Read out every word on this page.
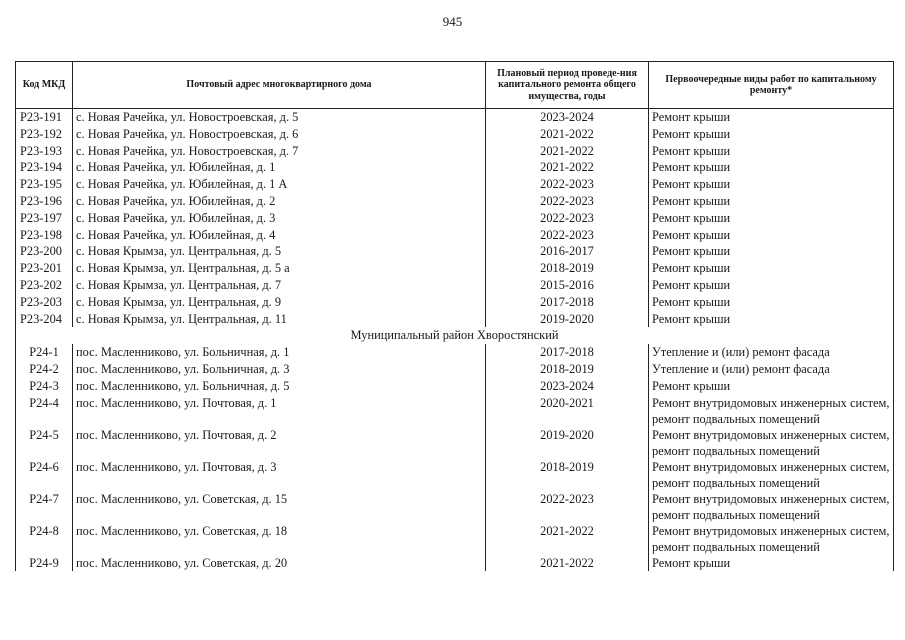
945
Код МКД	Почтовый адрес многоквартирного дома	Плановый период проведе-ния капитального ремонта общего имущества, годы	Первоочередные виды работ по капитальному ремонту*
Р23-191	с. Новая Рачейка, ул. Новостроевская, д. 5	2023-2024	Ремонт крыши
Р23-192	с. Новая Рачейка, ул. Новостроевская, д. 6	2021-2022	Ремонт крыши
Р23-193	с. Новая Рачейка, ул. Новостроевская, д. 7	2021-2022	Ремонт крыши
Р23-194	с. Новая Рачейка, ул. Юбилейная, д. 1	2021-2022	Ремонт крыши
Р23-195	с. Новая Рачейка, ул. Юбилейная, д. 1 А	2022-2023	Ремонт крыши
Р23-196	с. Новая Рачейка, ул. Юбилейная, д. 2	2022-2023	Ремонт крыши
Р23-197	с. Новая Рачейка, ул. Юбилейная, д. 3	2022-2023	Ремонт крыши
Р23-198	с. Новая Рачейка, ул. Юбилейная, д. 4	2022-2023	Ремонт крыши
Р23-200	с. Новая Крымза, ул. Центральная, д. 5	2016-2017	Ремонт крыши
Р23-201	с. Новая Крымза, ул. Центральная, д. 5 а	2018-2019	Ремонт крыши
Р23-202	с. Новая Крымза, ул. Центральная, д. 7	2015-2016	Ремонт крыши
Р23-203	с. Новая Крымза, ул. Центральная, д. 9	2017-2018	Ремонт крыши
Р23-204	с. Новая Крымза, ул. Центральная, д. 11	2019-2020	Ремонт крыши
Муниципальный район Хворостянский			
Р24-1	пос. Масленниково, ул. Больничная, д. 1	2017-2018	Утепление и (или) ремонт фасада
Р24-2	пос. Масленниково, ул. Больничная, д. 3	2018-2019	Утепление и (или) ремонт фасада
Р24-3	пос. Масленниково, ул. Больничная, д. 5	2023-2024	Ремонт крыши
Р24-4	пос. Масленниково, ул. Почтовая, д. 1	2020-2021	Ремонт внутридомовых инженерных систем, ремонт подвальных помещений
Р24-5	пос. Масленниково, ул. Почтовая, д. 2	2019-2020	Ремонт внутридомовых инженерных систем, ремонт подвальных помещений
Р24-6	пос. Масленниково, ул. Почтовая, д. 3	2018-2019	Ремонт внутридомовых инженерных систем, ремонт подвальных помещений
Р24-7	пос. Масленниково, ул. Советская, д. 15	2022-2023	Ремонт внутридомовых инженерных систем, ремонт подвальных помещений
Р24-8	пос. Масленниково, ул. Советская, д. 18	2021-2022	Ремонт внутридомовых инженерных систем, ремонт подвальных помещений
Р24-9	пос. Масленниково, ул. Советская, д. 20	2021-2022	Ремонт крыши
